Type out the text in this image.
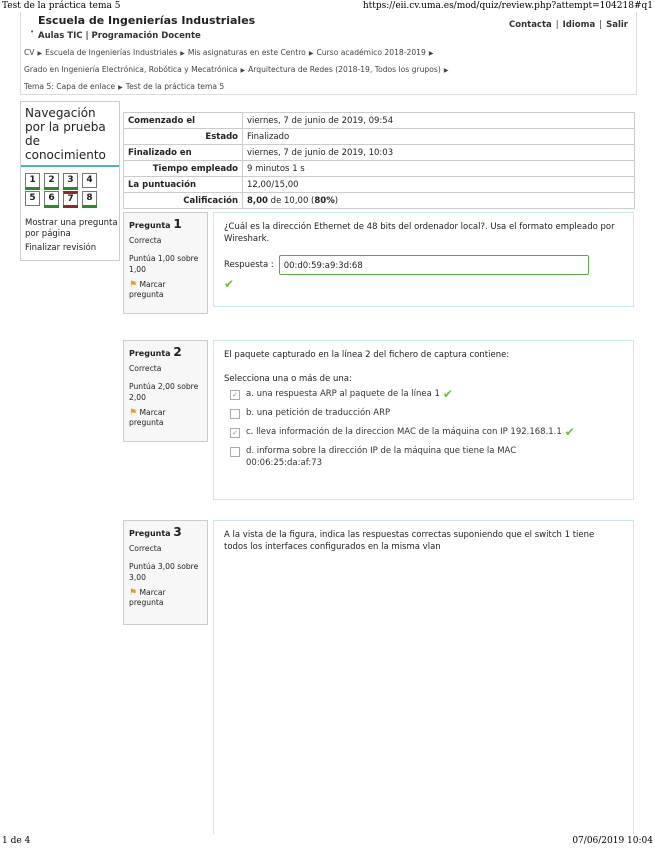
Test de la práctica tema 5	https://eii.cv.uma.es/mod/quiz/review.php?attempt=104218#q1
1 de 4	07/06/2019 10:04
•
Escuela de Ingenierías Industriales
Aulas TIC | Programación Docente
Contacta | Idioma | Salir
CV ▶ Escuela de Ingenierías Industriales ▶ Mis asignaturas en este Centro ▶ Curso académico 2018-2019 ▶
Grado en Ingeniería Electrónica, Robótica y Mecatrónica ▶ Arquitectura de Redes (2018-19, Todos los grupos) ▶
Tema 5: Capa de enlace ▶ Test de la práctica tema 5
Navegación por la prueba de conocimiento
1	2	3	4
5	6	7	8
Mostrar una pregunta por página
Finalizar revisión
Comenzado el	viernes, 7 de junio de 2019, 09:54
Estado	Finalizado
Finalizado en	viernes, 7 de junio de 2019, 10:03
Tiempo empleado	9 minutos 1 s
La puntuación	12,00/15,00
Calificación	8,00 de 10,00 (80%)
Pregunta 1
Correcta
Puntúa 1,00 sobre 1,00
⚑ Marcar pregunta
¿Cuál es la dirección Ethernet de 48 bits del ordenador local?. Usa el formato empleado por Wireshark.
Respuesta :	00:d0:59:a9:3d:68
✔
Pregunta 2
Correcta
Puntúa 2,00 sobre 2,00
⚑ Marcar pregunta
El paquete capturado en la línea 2 del fichero de captura contiene:
Selecciona una o más de una:
✓ a. una respuesta ARP al paquete de la línea 1 ✔
b. una petición de traducción ARP
✓ c. lleva información de la direccion MAC de la máquina con IP 192.168.1.1 ✔
d. informa sobre la dirección IP de la máquina que tiene la MAC 00:06:25:da:af:73
Pregunta 3
Correcta
Puntúa 3,00 sobre 3,00
⚑ Marcar pregunta
A la vista de la figura, indica las respuestas correctas suponiendo que el switch 1 tiene todos los interfaces configurados en la misma vlan
